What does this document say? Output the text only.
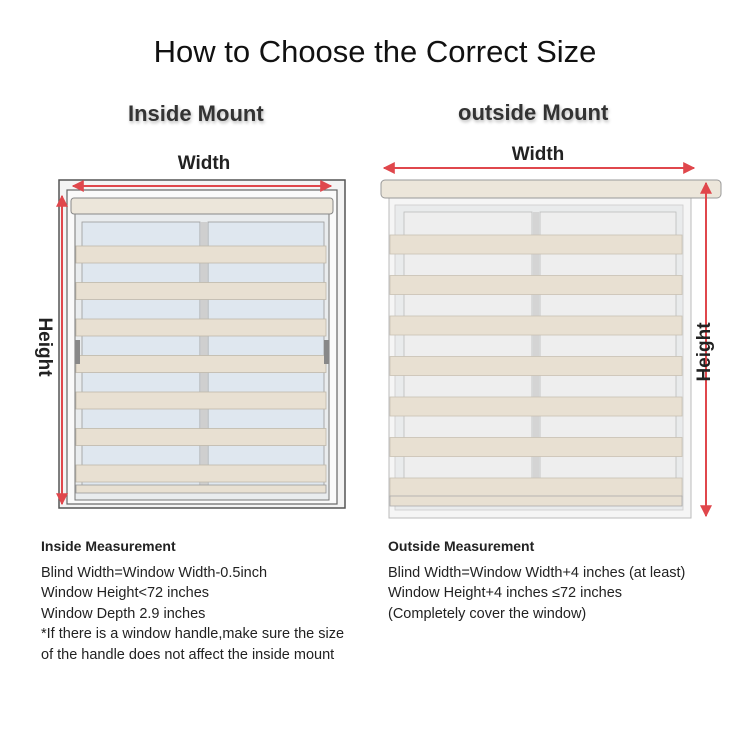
How to Choose the Correct Size
Inside Mount	outside Mount
Width
Height
Width
Height
Inside Measurement
Blind Width=Window Width-0.5inch
Window Height<72 inches
Window Depth 2.9 inches
*If there is a window handle,make sure the size
of the handle does not affect the inside mount
Outside Measurement
Blind Width=Window Width+4 inches (at least)
Window Height+4 inches ≤72 inches
(Completely cover the window)
